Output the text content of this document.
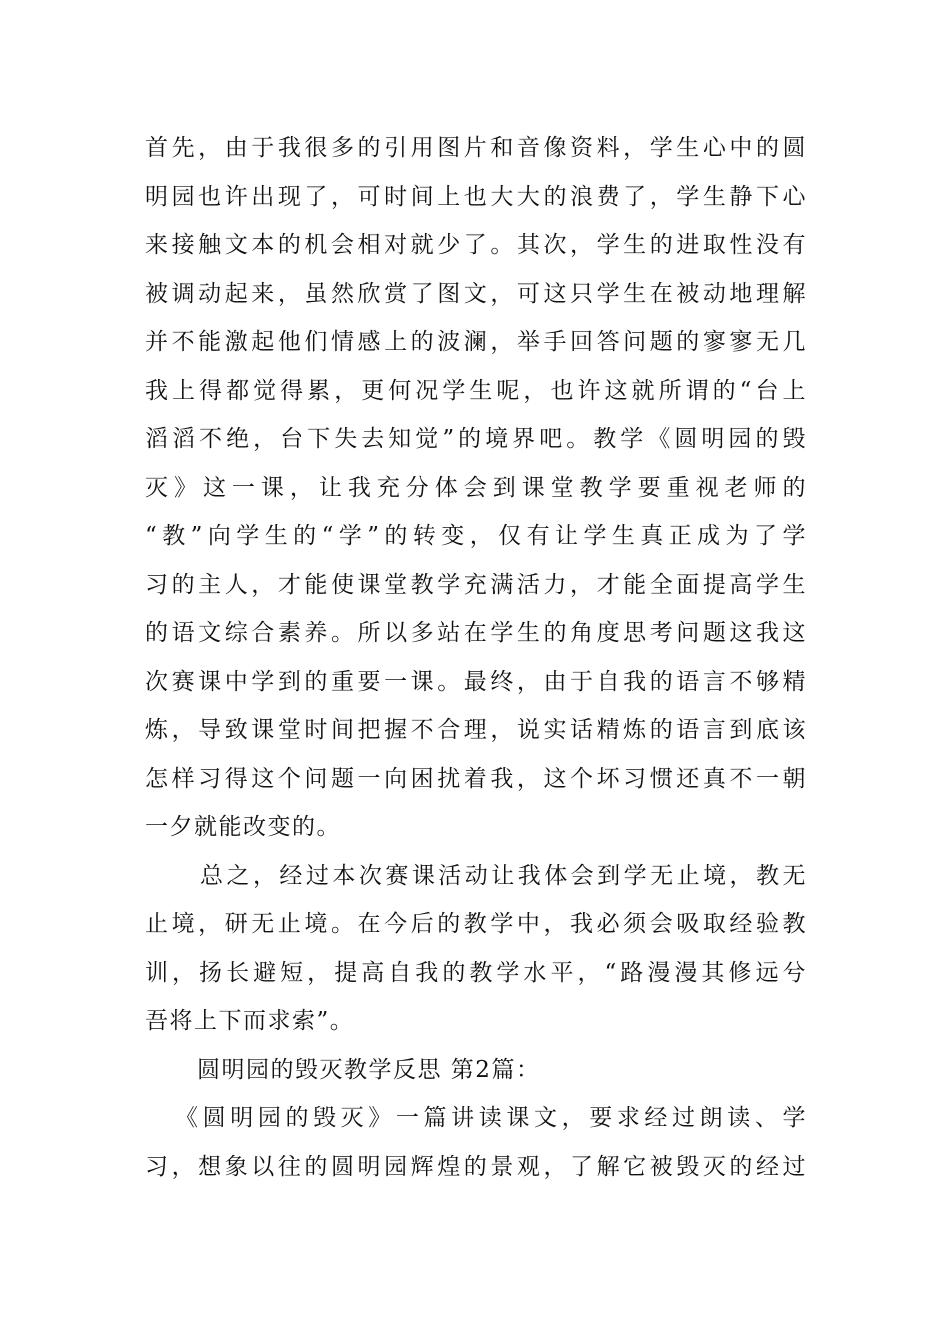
首先，由于我很多的引用图片和音像资料，学生心中的圆
明园也许出现了，可时间上也大大的浪费了，学生静下心
来接触文本的机会相对就少了。其次，学生的进取性没有
被调动起来，虽然欣赏了图文，可这只学生在被动地理解
并不能激起他们情感上的波澜，举手回答问题的寥寥无几
我上得都觉得累，更何况学生呢，也许这就所谓的“台上
滔滔不绝，台下失去知觉”的境界吧。教学《圆明园的毁
灭》这一课，让我充分体会到课堂教学要重视老师的
“教”向学生的“学”的转变，仅有让学生真正成为了学
习的主人，才能使课堂教学充满活力，才能全面提高学生
的语文综合素养。所以多站在学生的角度思考问题这我这
次赛课中学到的重要一课。最终，由于自我的语言不够精
炼，导致课堂时间把握不合理，说实话精炼的语言到底该
怎样习得这个问题一向困扰着我，这个坏习惯还真不一朝
一夕就能改变的。
总之，经过本次赛课活动让我体会到学无止境，教无
止境，研无止境。在今后的教学中，我必须会吸取经验教
训，扬长避短，提高自我的教学水平，“路漫漫其修远兮
吾将上下而求索”。
圆明园的毁灭教学反思 第2篇：
《圆明园的毁灭》一篇讲读课文，要求经过朗读、学
习，想象以往的圆明园辉煌的景观，了解它被毁灭的经过
